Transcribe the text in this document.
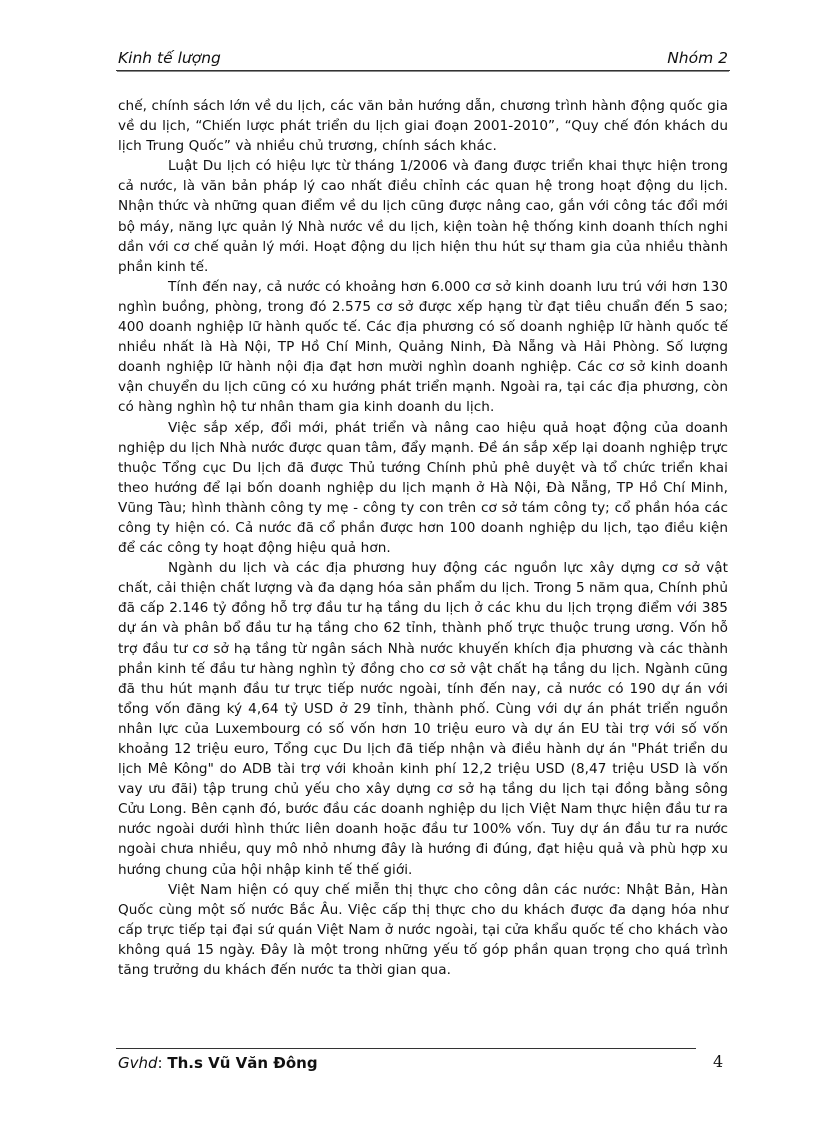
Kinh tế lượng	Nhóm 2

chế, chính sách lớn về du lịch, các văn bản hướng dẫn, chương trình hành động quốc gia về du lịch, “Chiến lược phát triển du lịch giai đoạn 2001-2010”, “Quy chế đón khách du lịch Trung Quốc” và nhiều chủ trương, chính sách khác.

Luật Du lịch có hiệu lực từ tháng 1/2006 và đang được triển khai thực hiện trong cả nước, là văn bản pháp lý cao nhất điều chỉnh các quan hệ trong hoạt động du lịch. Nhận thức và những quan điểm về du lịch cũng được nâng cao, gắn với công tác đổi mới bộ máy, năng lực quản lý Nhà nước về du lịch, kiện toàn hệ thống kinh doanh thích nghi dần với cơ chế quản lý mới. Hoạt động du lịch hiện thu hút sự tham gia của nhiều thành phần kinh tế.

Tính đến nay, cả nước có khoảng hơn 6.000 cơ sở kinh doanh lưu trú với hơn 130 nghìn buồng, phòng, trong đó 2.575 cơ sở được xếp hạng từ đạt tiêu chuẩn đến 5 sao; 400 doanh nghiệp lữ hành quốc tế. Các địa phương có số doanh nghiệp lữ hành quốc tế nhiều nhất là Hà Nội, TP Hồ Chí Minh, Quảng Ninh, Đà Nẵng và Hải Phòng. Số lượng doanh nghiệp lữ hành nội địa đạt hơn mười nghìn doanh nghiệp. Các cơ sở kinh doanh vận chuyển du lịch cũng có xu hướng phát triển mạnh. Ngoài ra, tại các địa phương, còn có hàng nghìn hộ tư nhân tham gia kinh doanh du lịch.

Việc sắp xếp, đổi mới, phát triển và nâng cao hiệu quả hoạt động của doanh nghiệp du lịch Nhà nước được quan tâm, đẩy mạnh. Đề án sắp xếp lại doanh nghiệp trực thuộc Tổng cục Du lịch đã được Thủ tướng Chính phủ phê duyệt và tổ chức triển khai theo hướng để lại bốn doanh nghiệp du lịch mạnh ở Hà Nội, Đà Nẵng, TP Hồ Chí Minh, Vũng Tàu; hình thành công ty mẹ - công ty con trên cơ sở tám công ty; cổ phần hóa các công ty hiện có. Cả nước đã cổ phần được hơn 100 doanh nghiệp du lịch, tạo điều kiện để các công ty hoạt động hiệu quả hơn.

Ngành du lịch và các địa phương huy động các nguồn lực xây dựng cơ sở vật chất, cải thiện chất lượng và đa dạng hóa sản phẩm du lịch. Trong 5 năm qua, Chính phủ đã cấp 2.146 tỷ đồng hỗ trợ đầu tư hạ tầng du lịch ở các khu du lịch trọng điểm với 385 dự án và phân bổ đầu tư hạ tầng cho 62 tỉnh, thành phố trực thuộc trung ương. Vốn hỗ trợ đầu tư cơ sở hạ tầng từ ngân sách Nhà nước khuyến khích địa phương và các thành phần kinh tế đầu tư hàng nghìn tỷ đồng cho cơ sở vật chất hạ tầng du lịch. Ngành cũng đã thu hút mạnh đầu tư trực tiếp nước ngoài, tính đến nay, cả nước có 190 dự án với tổng vốn đăng ký 4,64 tỷ USD ở 29 tỉnh, thành phố. Cùng với dự án phát triển nguồn nhân lực của Luxembourg có số vốn hơn 10 triệu euro và dự án EU tài trợ với số vốn khoảng 12 triệu euro, Tổng cục Du lịch đã tiếp nhận và điều hành dự án "Phát triển du lịch Mê Kông" do ADB tài trợ với khoản kinh phí 12,2 triệu USD (8,47 triệu USD là vốn vay ưu đãi) tập trung chủ yếu cho xây dựng cơ sở hạ tầng du lịch tại đồng bằng sông Cửu Long. Bên cạnh đó, bước đầu các doanh nghiệp du lịch Việt Nam thực hiện đầu tư ra nước ngoài dưới hình thức liên doanh hoặc đầu tư 100% vốn. Tuy dự án đầu tư ra nước ngoài chưa nhiều, quy mô nhỏ nhưng đây là hướng đi đúng, đạt hiệu quả và phù hợp xu hướng chung của hội nhập kinh tế thế giới.

Việt Nam hiện có quy chế miễn thị thực cho công dân các nước: Nhật Bản, Hàn Quốc cùng một số nước Bắc Âu. Việc cấp thị thực cho du khách được đa dạng hóa như cấp trực tiếp tại đại sứ quán Việt Nam ở nước ngoài, tại cửa khẩu quốc tế cho khách vào không quá 15 ngày. Đây là một trong những yếu tố góp phần quan trọng cho quá trình tăng trưởng du khách đến nước ta thời gian qua.

Gvhd: Th.s Vũ Văn Đông	4
